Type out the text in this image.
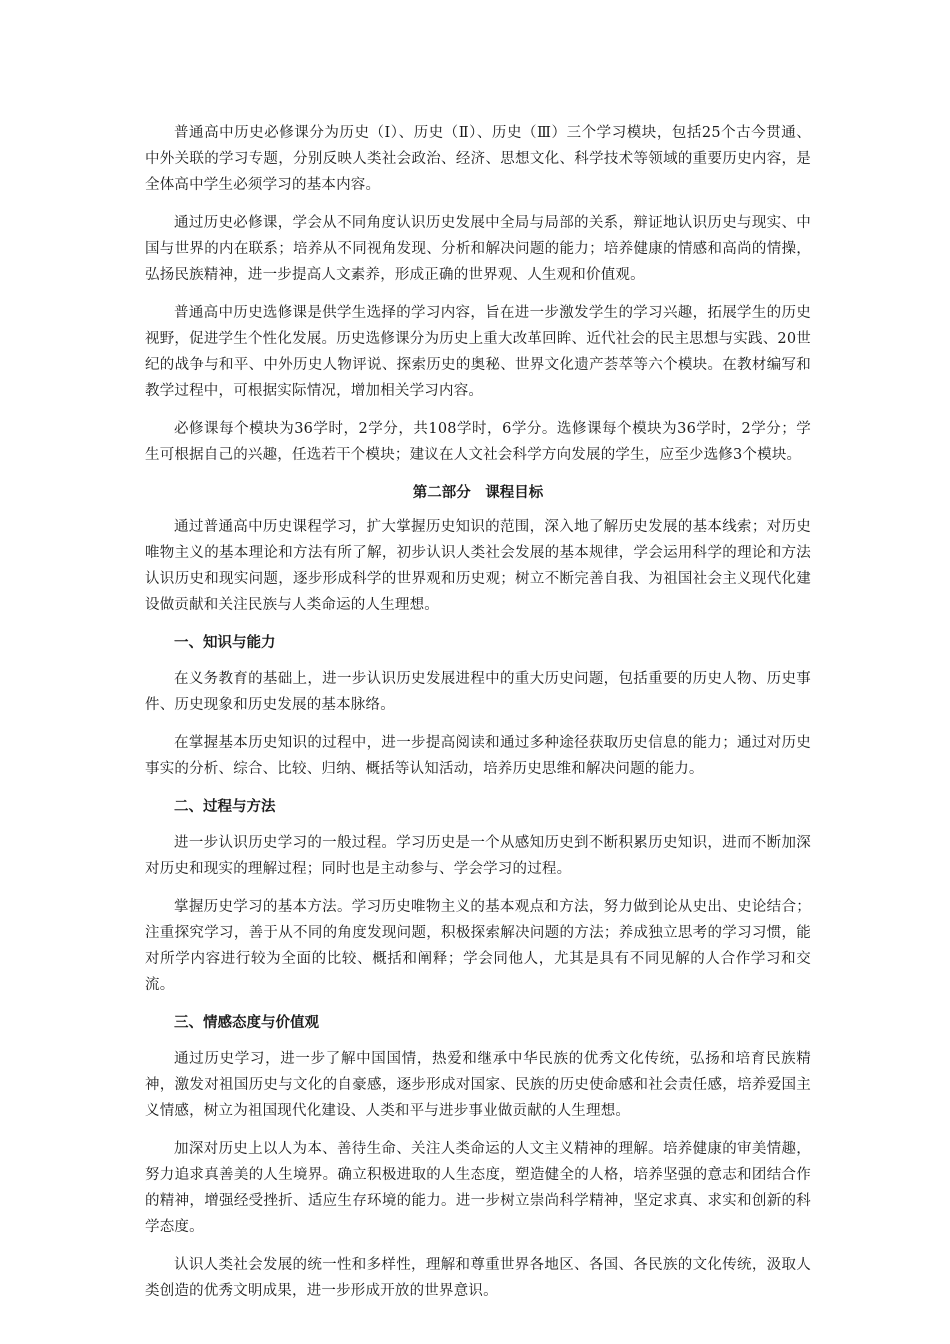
普通高中历史必修课分为历史（Ⅰ）、历史（Ⅱ）、历史（Ⅲ）三个学习模块，包括25个古今贯通、中外关联的学习专题，分别反映人类社会政治、经济、思想文化、科学技术等领域的重要历史内容，是全体高中学生必须学习的基本内容。

通过历史必修课，学会从不同角度认识历史发展中全局与局部的关系，辩证地认识历史与现实、中国与世界的内在联系；培养从不同视角发现、分析和解决问题的能力；培养健康的情感和高尚的情操，弘扬民族精神，进一步提高人文素养，形成正确的世界观、人生观和价值观。

普通高中历史选修课是供学生选择的学习内容，旨在进一步激发学生的学习兴趣，拓展学生的历史视野，促进学生个性化发展。历史选修课分为历史上重大改革回眸、近代社会的民主思想与实践、20世纪的战争与和平、中外历史人物评说、探索历史的奥秘、世界文化遗产荟萃等六个模块。在教材编写和教学过程中，可根据实际情况，增加相关学习内容。

必修课每个模块为36学时，2学分，共108学时，6学分。选修课每个模块为36学时，2学分；学生可根据自己的兴趣，任选若干个模块；建议在人文社会科学方向发展的学生，应至少选修3个模块。

第二部分　课程目标

通过普通高中历史课程学习，扩大掌握历史知识的范围，深入地了解历史发展的基本线索；对历史唯物主义的基本理论和方法有所了解，初步认识人类社会发展的基本规律，学会运用科学的理论和方法认识历史和现实问题，逐步形成科学的世界观和历史观；树立不断完善自我、为祖国社会主义现代化建设做贡献和关注民族与人类命运的人生理想。

一、知识与能力

在义务教育的基础上，进一步认识历史发展进程中的重大历史问题，包括重要的历史人物、历史事件、历史现象和历史发展的基本脉络。

在掌握基本历史知识的过程中，进一步提高阅读和通过多种途径获取历史信息的能力；通过对历史事实的分析、综合、比较、归纳、概括等认知活动，培养历史思维和解决问题的能力。

二、过程与方法

进一步认识历史学习的一般过程。学习历史是一个从感知历史到不断积累历史知识，进而不断加深对历史和现实的理解过程；同时也是主动参与、学会学习的过程。

掌握历史学习的基本方法。学习历史唯物主义的基本观点和方法，努力做到论从史出、史论结合；注重探究学习，善于从不同的角度发现问题，积极探索解决问题的方法；养成独立思考的学习习惯，能对所学内容进行较为全面的比较、概括和阐释；学会同他人，尤其是具有不同见解的人合作学习和交流。

三、情感态度与价值观

通过历史学习，进一步了解中国国情，热爱和继承中华民族的优秀文化传统，弘扬和培育民族精神，激发对祖国历史与文化的自豪感，逐步形成对国家、民族的历史使命感和社会责任感，培养爱国主义情感，树立为祖国现代化建设、人类和平与进步事业做贡献的人生理想。

加深对历史上以人为本、善待生命、关注人类命运的人文主义精神的理解。培养健康的审美情趣，努力追求真善美的人生境界。确立积极进取的人生态度，塑造健全的人格，培养坚强的意志和团结合作的精神，增强经受挫折、适应生存环境的能力。进一步树立崇尚科学精神，坚定求真、求实和创新的科学态度。

认识人类社会发展的统一性和多样性，理解和尊重世界各地区、各国、各民族的文化传统，汲取人类创造的优秀文明成果，进一步形成开放的世界意识。
